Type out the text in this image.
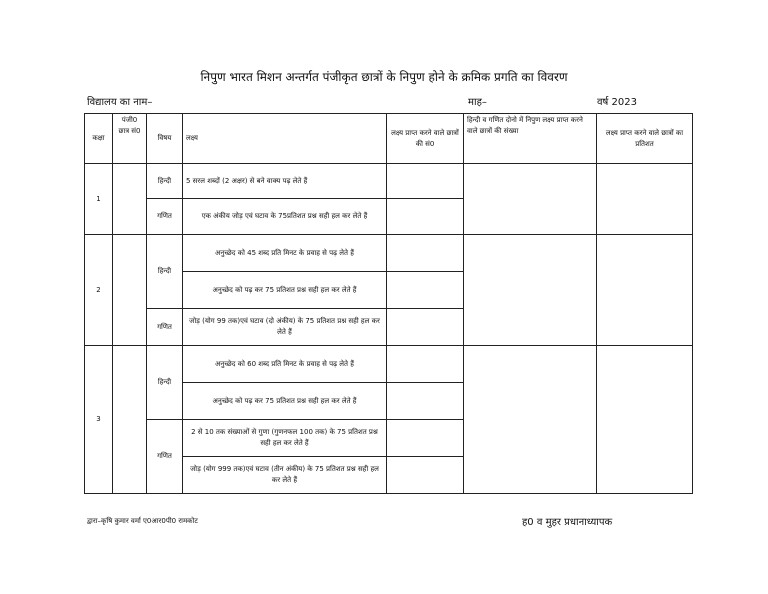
निपुण भारत मिशन अन्तर्गत पंजीकृत छात्रों के निपुण होने के क्रमिक प्रगति का विवरण
विद्यालय का नाम–	माह–	वर्ष 2023
कक्षा	पंजी0 छात्र सं0	विषय	लक्ष्य	लक्ष्य प्राप्त करने वाले छात्रों की सं0	हिन्दी व गणित दोनो में निपुण लक्ष्य प्राप्त करने वाले छात्रों की संख्या	लक्ष्य प्राप्त करने वाले छात्रों का प्रतिशत
1		हिन्दी	5 सरल शब्दों (2 अक्षर) से बने वाक्य पढ़ लेते हैं			
		गणित	एक अंकीय जोड़ एवं घटाव के 75प्रतिशत प्रश्न सही हल कर लेते हैं			
2		हिन्दी	अनुच्छेद को 45 शब्द प्रति मिनट के प्रवाह से पढ़ लेते हैं			
			अनुच्छेद को पढ़ कर 75 प्रतिशत प्रश्न सही हल कर लेते हैं			
		गणित	जोड़ (योग 99 तक)एवं घटाव (दो अंकीय) के 75 प्रतिशत प्रश्न सही हल कर लेते हैं			
3		हिन्दी	अनुच्छेद को 60 शब्द प्रति मिनट के प्रवाह से पढ़ लेते हैं			
			अनुच्छेद को पढ़ कर 75 प्रतिशत प्रश्न सही हल कर लेते हैं			
		गणित	2 से 10 तक संख्याओं से गुणा (गुणनफल 100 तक) के 75 प्रतिशत प्रश्न सही हल कर लेते हैं			
			जोड़ (योग 999 तक)एवं घटाव (तीन अंकीय) के 75 प्रतिशत प्रश्न सही हल कर लेते हैं			
द्वारा–कृषि कुमार वर्मा ए0आर0पी0 रामकोट	ह0 व मुहर प्रधानाध्यापक
